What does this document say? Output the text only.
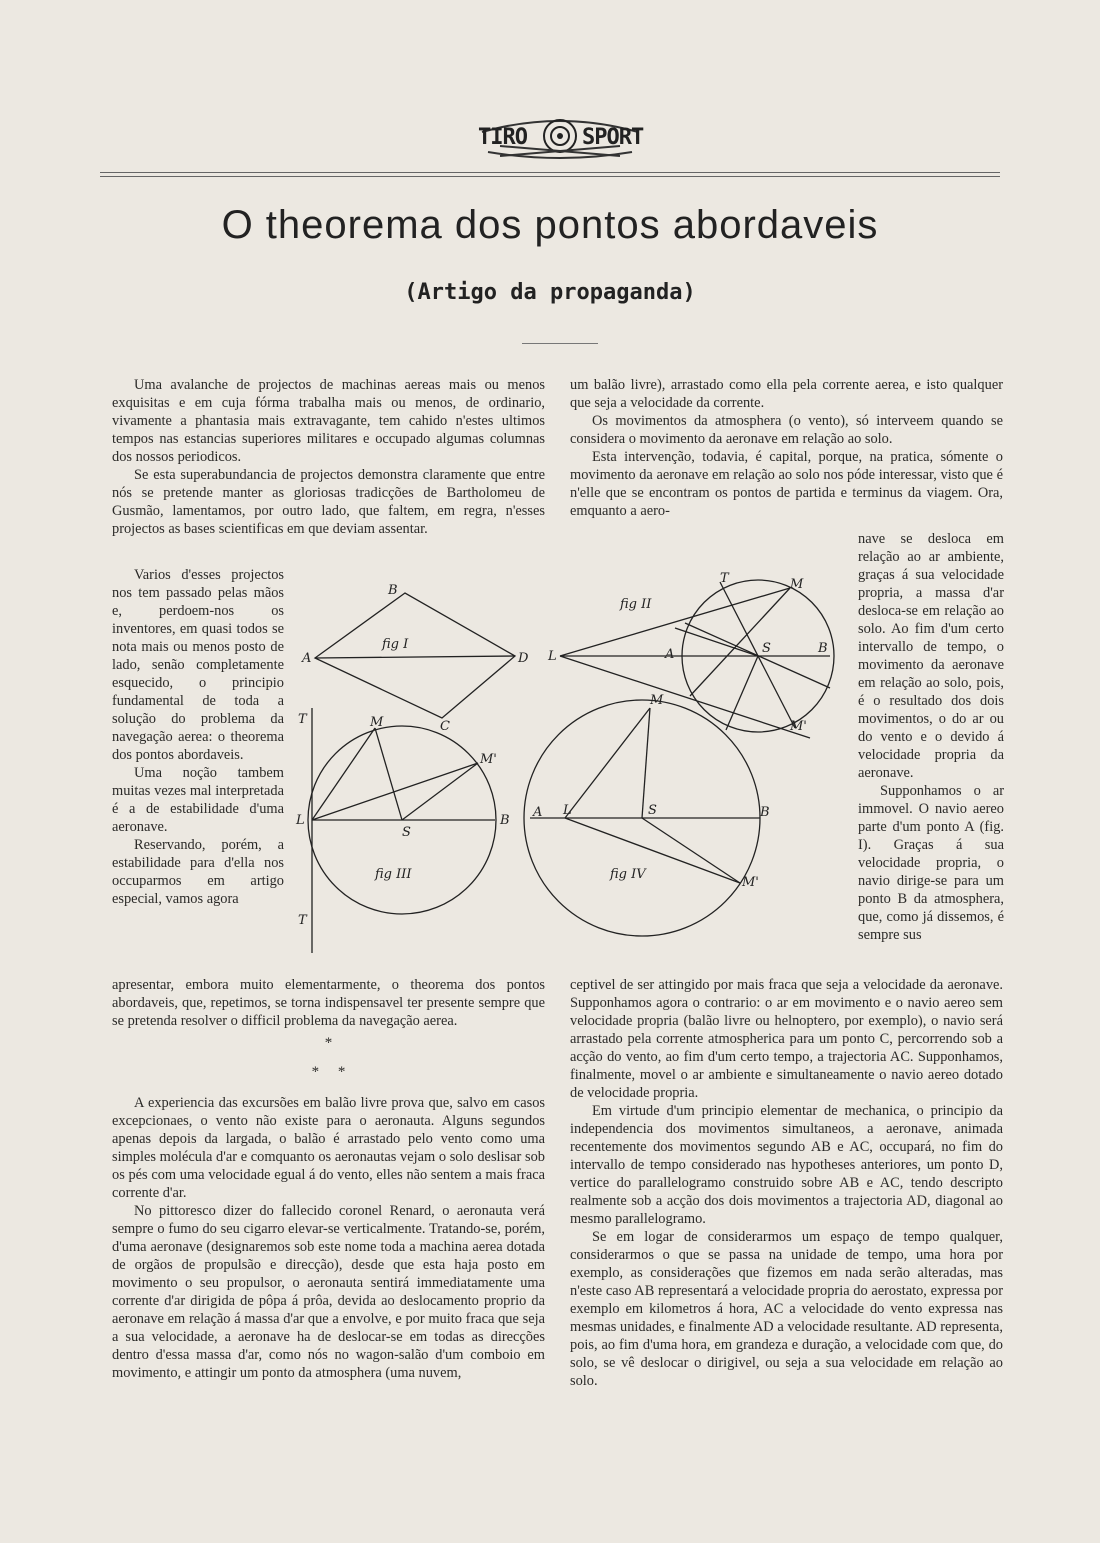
TIRO	SPORT
O theorema dos pontos abordaveis
(Artigo da propaganda)

Uma avalanche de projectos de machinas aereas mais ou menos exquisitas e em cuja fórma trabalha mais ou menos, de ordinario, vivamente a phantasia mais extravagante, tem cahido n'estes ultimos tempos nas estancias superiores militares e occupado algumas columnas dos nossos periodicos.

Se esta superabundancia de projectos demonstra claramente que entre nós se pretende manter as gloriosas tradicções de Bartholomeu de Gusmão, lamentamos, por outro lado, que faltem, em regra, n'esses projectos as bases scientificas em que deviam assentar.

Varios d'esses projectos nos tem passado pelas mãos e, perdoem-nos os inventores, em quasi todos se nota mais ou menos posto de lado, senão completamente esquecido, o principio fundamental de toda a solução do problema da navegação aerea: o theorema dos pontos abordaveis.

Uma noção tambem muitas vezes mal interpretada é a de estabilidade d'uma aeronave.

Reservando, porém, a estabilidade para d'ella nos occuparmos em artigo especial, vamos agora

apresentar, embora muito elementarmente, o theorema dos pontos abordaveis, que, repetimos, se torna indispensavel ter presente sempre que se pretenda resolver o difficil problema da navegação aerea.

*

*     *

A experiencia das excursões em balão livre prova que, salvo em casos excepcionaes, o vento não existe para o aeronauta. Alguns segundos apenas depois da largada, o balão é arrastado pelo vento como uma simples molécula d'ar e comquanto os aeronautas vejam o solo deslisar sob os pés com uma velocidade egual á do vento, elles não sentem a mais fraca corrente d'ar.

No pittoresco dizer do fallecido coronel Renard, o aeronauta verá sempre o fumo do seu cigarro elevar-se verticalmente. Tratando-se, porém, d'uma aeronave (designaremos sob este nome toda a machina aerea dotada de orgãos de propulsão e direcção), desde que esta haja posto em movimento o seu propulsor, o aeronauta sentirá immediatamente uma corrente d'ar dirigida de pôpa á prôa, devida ao deslocamento proprio da aeronave em relação á massa d'ar que a envolve, e por muito fraca que seja a sua velocidade, a aeronave ha de deslocar-se em todas as direcções dentro d'essa massa d'ar, como nós no wagon-salão d'um comboio em movimento, e attingir um ponto da atmosphera (uma nuvem,

um balão livre), arrastado como ella pela corrente aerea, e isto qualquer que seja a velocidade da corrente.

Os movimentos da atmosphera (o vento), só interveem quando se considera o movimento da aeronave em relação ao solo.

Esta intervenção, todavia, é capital, porque, na pratica, sómente o movimento da aeronave em relação ao solo nos póde interessar, visto que é n'elle que se encontram os pontos de partida e terminus da viagem. Ora, emquanto a aero-

nave se desloca em relação ao ar ambiente, graças á sua velocidade propria, a massa d'ar desloca-se em relação ao solo. Ao fim d'um certo intervallo de tempo, o movimento da aeronave em relação ao solo, pois, é o resultado dos dois movimentos, o do ar ou do vento e o devido á velocidade propria da aeronave.

Supponhamos o ar immovel. O navio aereo parte d'um ponto A (fig. I). Graças á sua velocidade propria, o navio dirige-se para um ponto B da atmosphera, que, como já dissemos, é sempre sus

ceptivel de ser attingido por mais fraca que seja a velocidade da aeronave. Supponhamos agora o contrario: o ar em movimento e o navio aereo sem velocidade propria (balão livre ou helnoptero, por exemplo), o navio será arrastado pela corrente atmospherica para um ponto C, percorrendo sob a acção do vento, ao fim d'um certo tempo, a trajectoria AC. Supponhamos, finalmente, movel o ar ambiente e simultaneamente o navio aereo dotado de velocidade propria.

Em virtude d'um principio elementar de mechanica, o principio da independencia dos movimentos simultaneos, a aeronave, animada recentemente dos movimentos segundo AB e AC, occupará, no fim do intervallo de tempo considerado nas hypotheses anteriores, um ponto D, vertice do parallelogramo construido sobre AB e AC, tendo descripto realmente sob a acção dos dois movimentos a trajectoria AD, diagonal ao mesmo parallelogramo.

Se em logar de considerarmos um espaço de tempo qualquer, considerarmos o que se passa na unidade de tempo, uma hora por exemplo, as considerações que fizemos em nada serão alteradas, mas n'este caso AB representará a velocidade propria do aerostato, expressa por exemplo em kilometros á hora, AC a velocidade do vento expressa nas mesmas unidades, e finalmente AD a velocidade resultante. AD representa, pois, ao fim d'uma hora, em grandeza e duração, a velocidade com que, do solo, se vê deslocar o dirigivel, ou seja a sua velocidade em relação ao solo.

A
B
C
D
fig I
L	A
T	M
S	B
M'
fig II
T	M
M'
L
S
B
T
fig III
A L
M
S	B
M'
fig IV
